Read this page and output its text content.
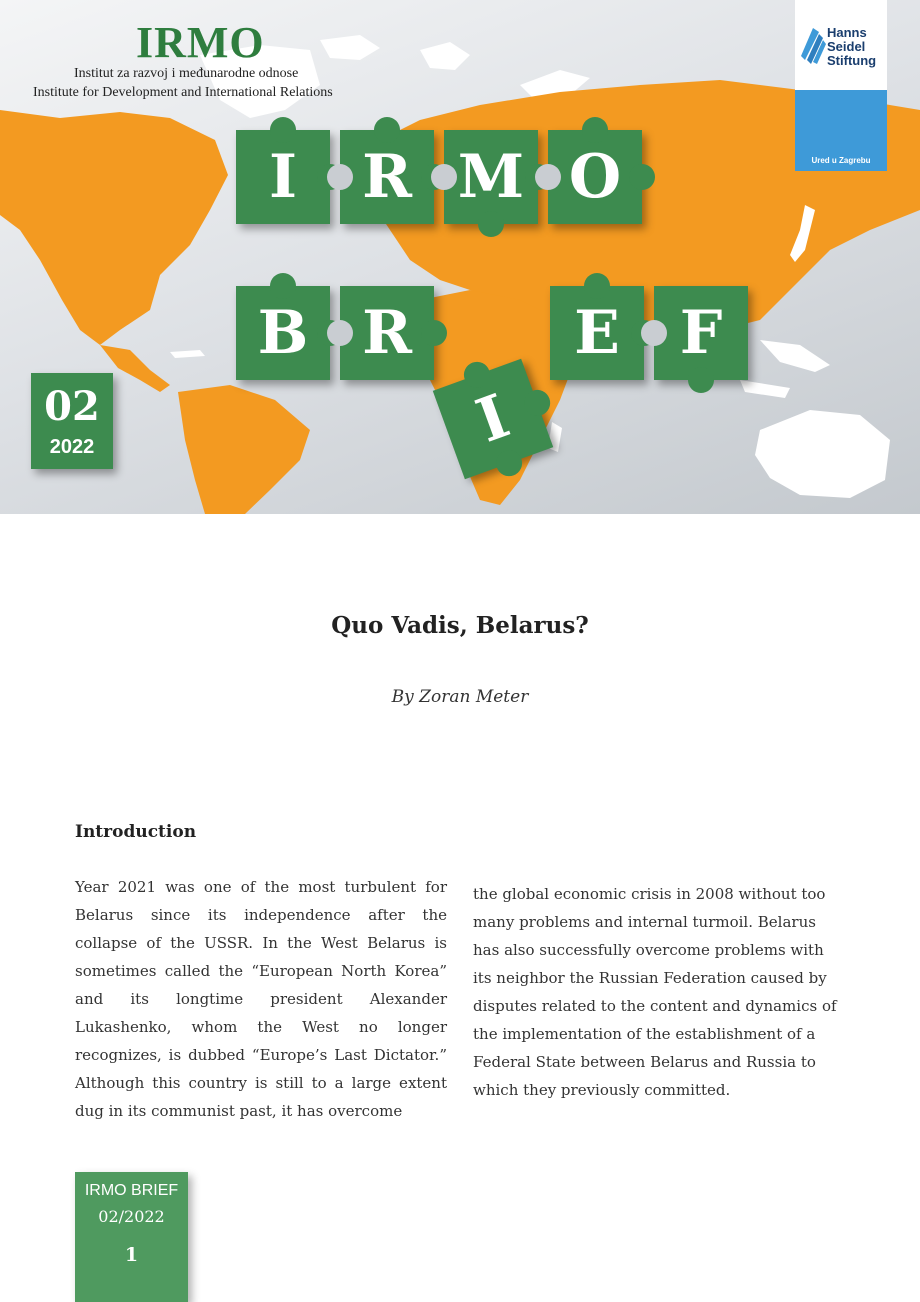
IRMO
Institut za razvoj i međunarodne odnose
Institute for Development and International Relations
Hanns
Seidel
Stiftung
Ured u Zagrebu
I	R M O
B R
I
E F
02
2022
Quo Vadis, Belarus?
By Zoran Meter
Introduction

Year 2021 was one of the most turbulent for Belarus since its independence after the collapse of the USSR. In the West Belarus is sometimes called the “European North Korea” and its longtime president Alexander Lukashenko, whom the West no longer recognizes, is dubbed “Europe’s Last Dictator.” Although this country is still to a large extent dug in its communist past, it has overcome

the global economic crisis in 2008 without too many problems and internal turmoil. Belarus has also successfully overcome problems with its neighbor the Russian Federation caused by disputes related to the content and dynamics of the implementation of the establishment of a Federal State between Belarus and Russia to which they previously committed.

IRMO BRIEF
02/2022
1
